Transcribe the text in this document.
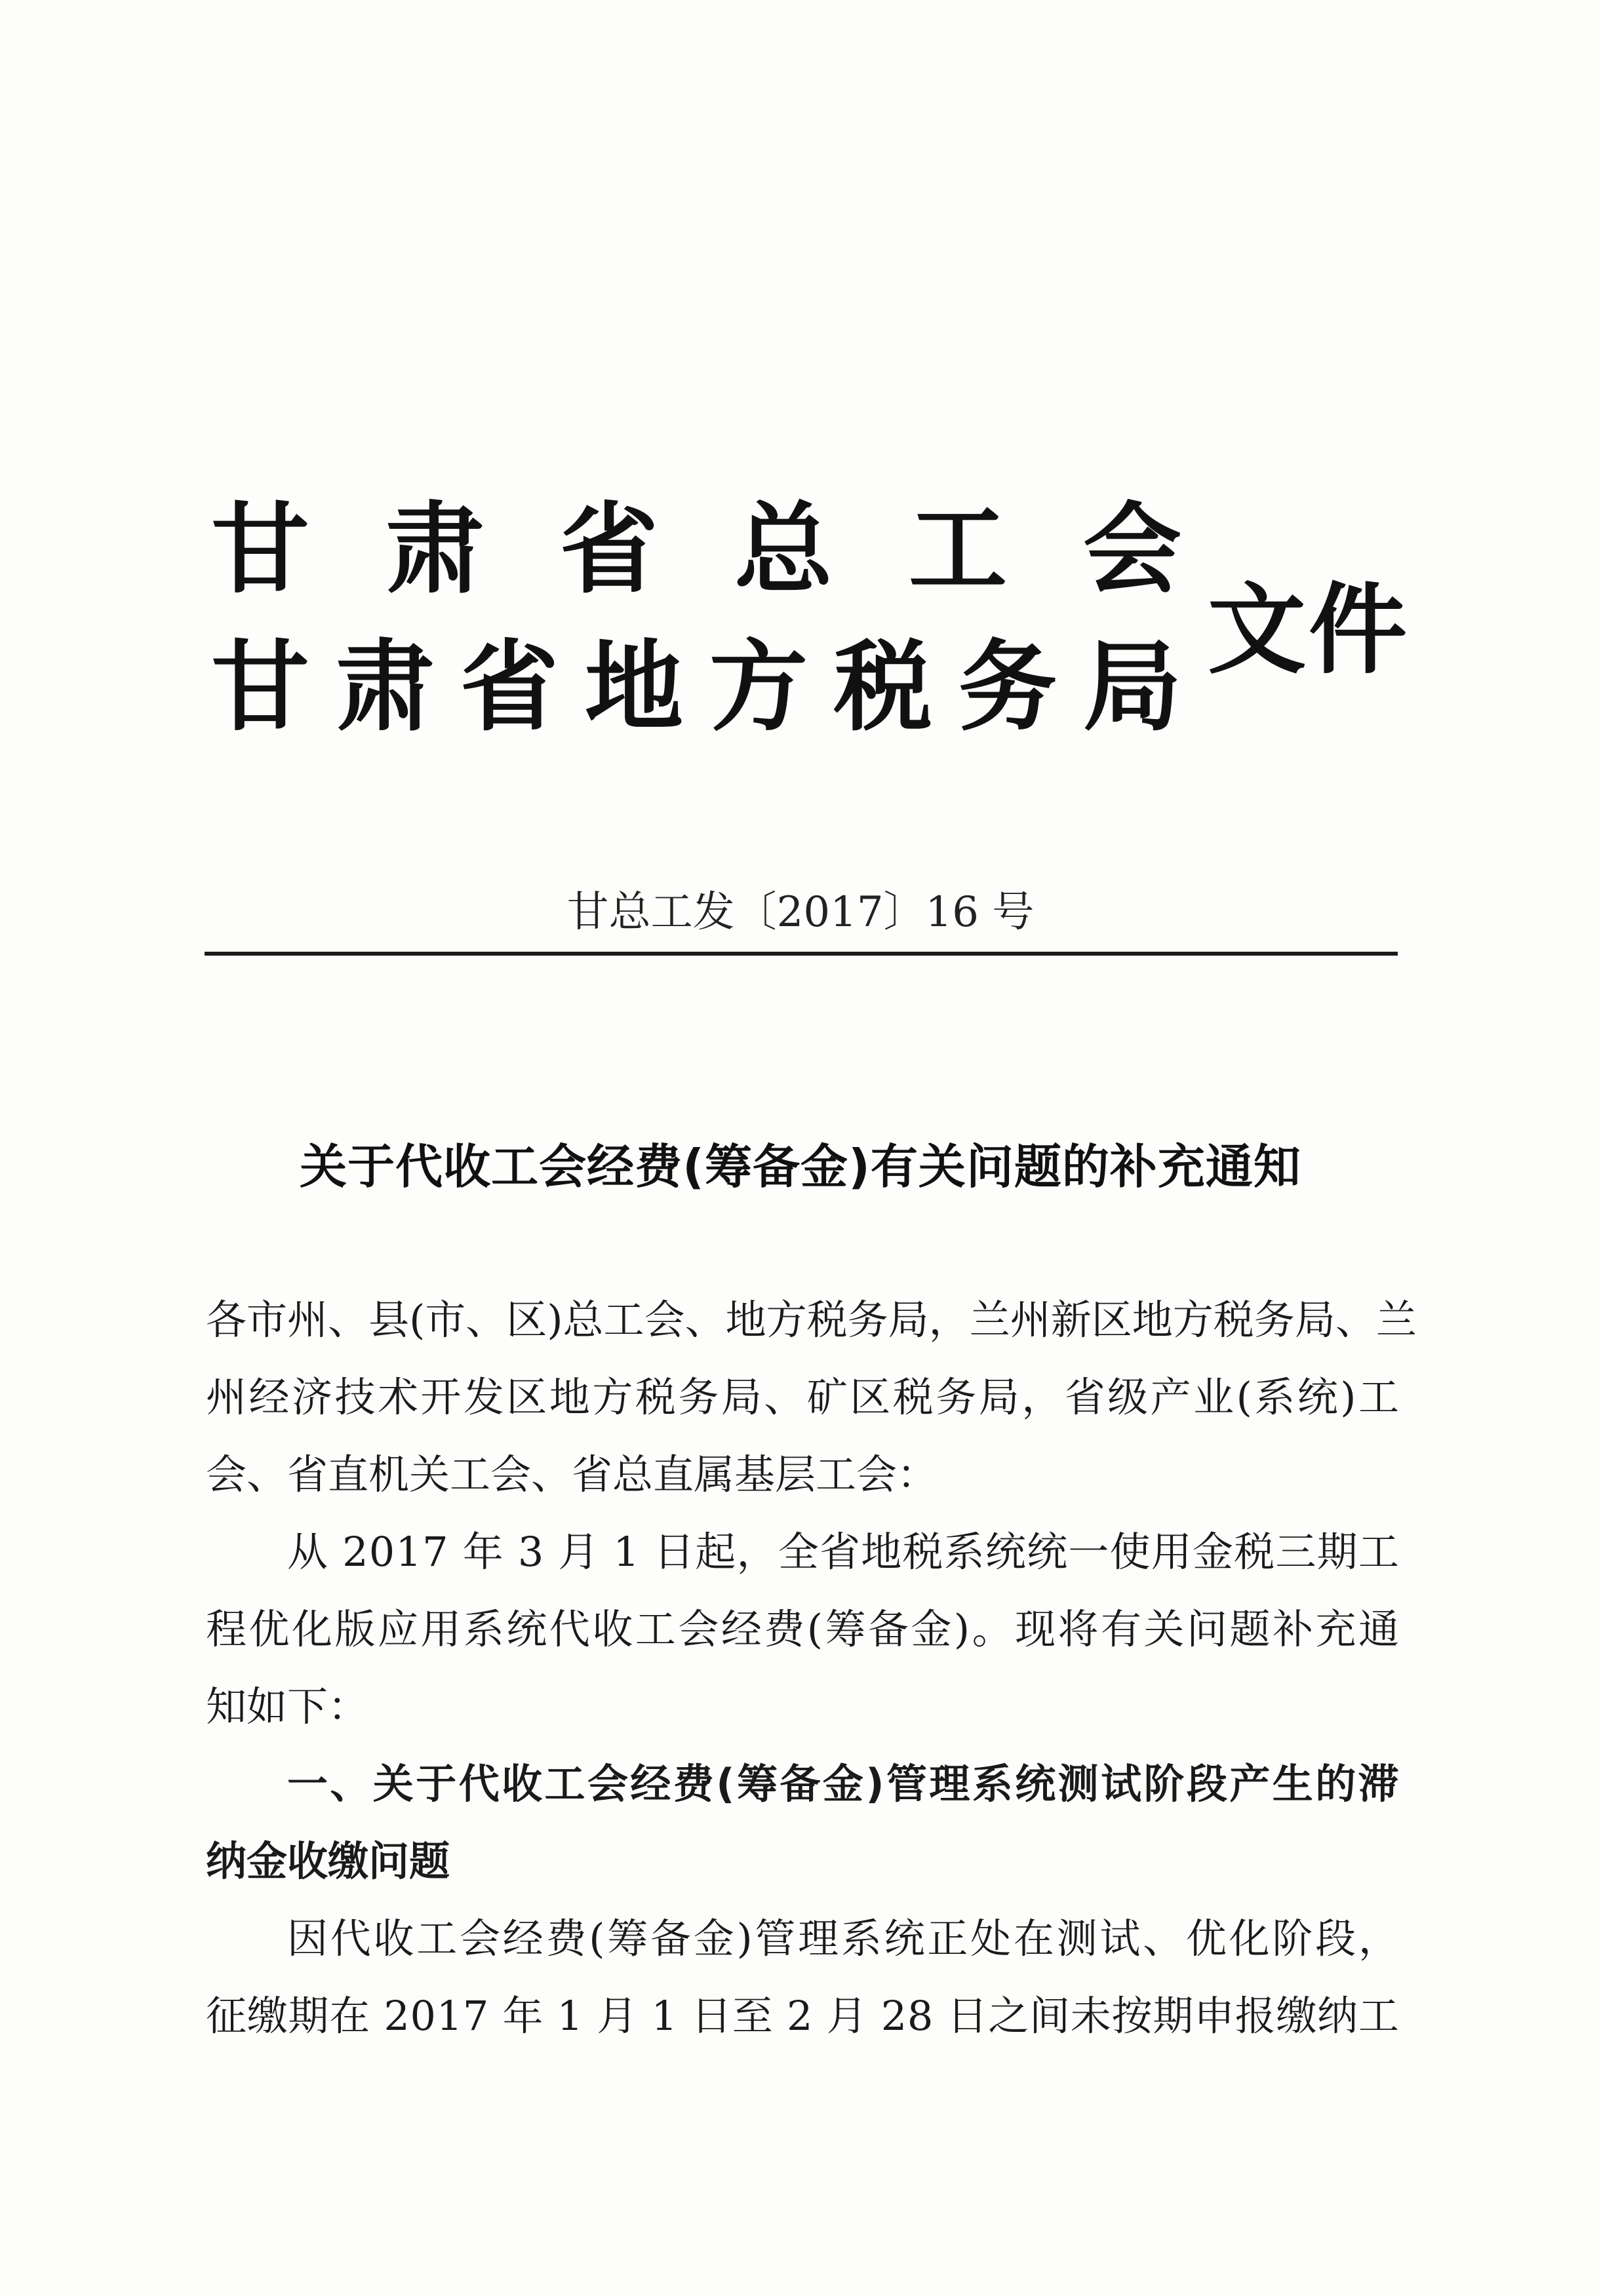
甘 肃 省 总 工 会
甘 肃 省 地 方 税 务 局 文件
甘总工发〔2017〕16 号
关于代收工会经费(筹备金)有关问题的补充通知
各 市 州 、 县 ( 市 、 区 ) 总 工 会 、 地 方 税 务 局 ， 兰 州 新 区 地 方 税 务 局 、 兰
州 经 济 技 术 开 发 区 地 方 税 务 局 、 矿 区 税 务 局 ， 省 级 产 业 ( 系 统 ) 工
会、省直机关工会、省总直属基层工会：
从
2 0 1 7
年
3
月
1
日 起 ， 全 省 地 税 系 统 统 一 使 用 金 税 三 期 工
程 优 化 版 应 用 系 统 代 收 工 会 经 费 ( 筹 备 金 ) 。 现 将 有 关 问 题 补 充 通
知如下：
一 、 关 于 代 收 工 会 经 费 ( 筹 备 金 ) 管 理 系 统 测 试 阶 段 产 生 的 滞
纳金收缴问题
因 代 收 工 会 经 费 ( 筹 备 金 ) 管 理 系 统 正 处 在 测 试 、 优 化 阶 段 ，
征 缴 期 在
2 0 1 7
年
1
月
1
日 至
2
月
2 8
日 之 间 未 按 期 申 报 缴 纳 工
